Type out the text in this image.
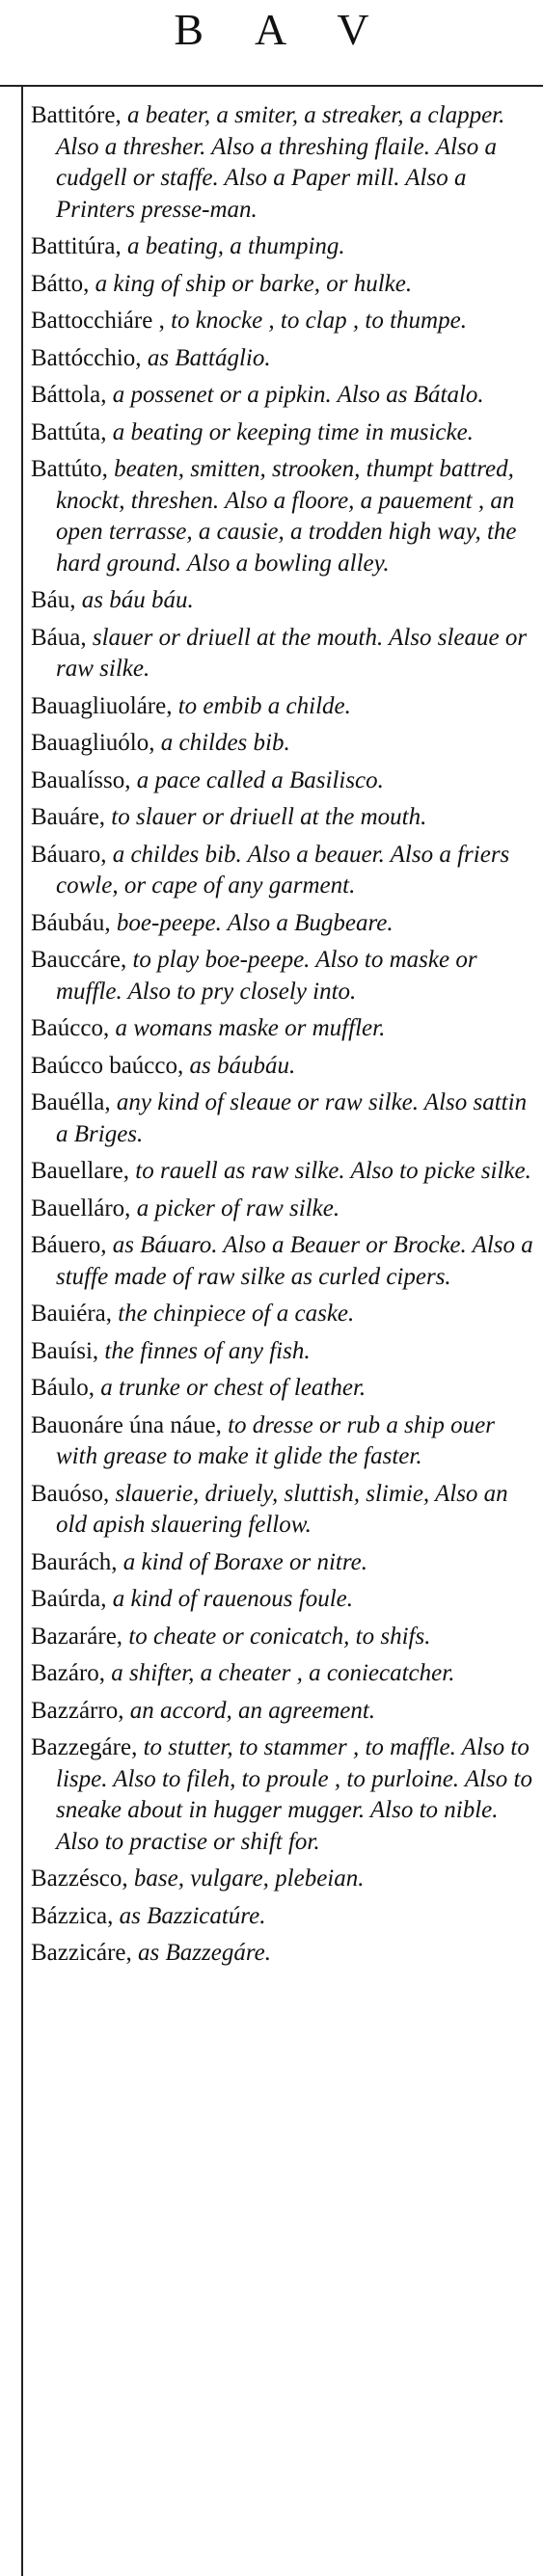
B A V
Battitóre, a beater, a smiter, a streaker, a clapper. Also a thresher. Also a threshing flaile. Also a cudgell or staffe. Also a Paper mill. Also a Printers presse-man.
Battitúra, a beating, a thumping.
Bátto, a king of ship or barke, or hulke.
Battocchiáre , to knocke , to clap , to thumpe.
Battócchio, as Battáglio.
Báttola, a possenet or a pipkin. Also as Bátalo.
Battúta, a beating or keeping time in musicke.
Battúto, beaten, smitten, strooken, thumpt battred, knockt, threshen. Also a floore, a pauement , an open terrasse, a causie, a trodden high way, the hard ground. Also a bowling alley.
Báu, as báu báu.
Báua, slauer or driuell at the mouth. Also sleaue or raw silke.
Bauagliuoláre, to embib a childe.
Bauagliuólo, a childes bib.
Baualísso, a pace called a Basilisco.
Bauáre, to slauer or driuell at the mouth.
Báuaro, a childes bib. Also a beauer. Also a friers cowle, or cape of any garment.
Báubáu, boe-peepe. Also a Bugbeare.
Bauccáre, to play boe-peepe. Also to maske or muffle. Also to pry closely into.
Baúcco, a womans maske or muffler.
Baúcco baúcco, as báubáu.
Bauélla, any kind of sleaue or raw silke. Also sattin a Briges.
Bauellare, to rauell as raw silke. Also to picke silke.
Bauelláro, a picker of raw silke.
Báuero, as Báuaro. Also a Beauer or Brocke. Also a stuffe made of raw silke as curled cipers.
Bauiéra, the chinpiece of a caske.
Bauísi, the finnes of any fish.
Báulo, a trunke or chest of leather.
Bauonáre úna náue, to dresse or rub a ship ouer with grease to make it glide the faster.
Bauóso, slauerie, driuely, sluttish, slimie, Also an old apish slauering fellow.
Baurách, a kind of Boraxe or nitre.
Baúrda, a kind of rauenous foule.
Bazaráre, to cheate or conicatch, to shifs.
Bazáro, a shifter, a cheater , a coniecatcher.
Bazzárro, an accord, an agreement.
Bazzegáre, to stutter, to stammer , to maffle. Also to lispe. Also to fileh, to proule , to purloine. Also to sneake about in hugger mugger. Also to nible. Also to practise or shift for.
Bazzésco, base, vulgare, plebeian.
Bázzica, as Bazzicatúre.
Bazzicáre, as Bazzegáre.
